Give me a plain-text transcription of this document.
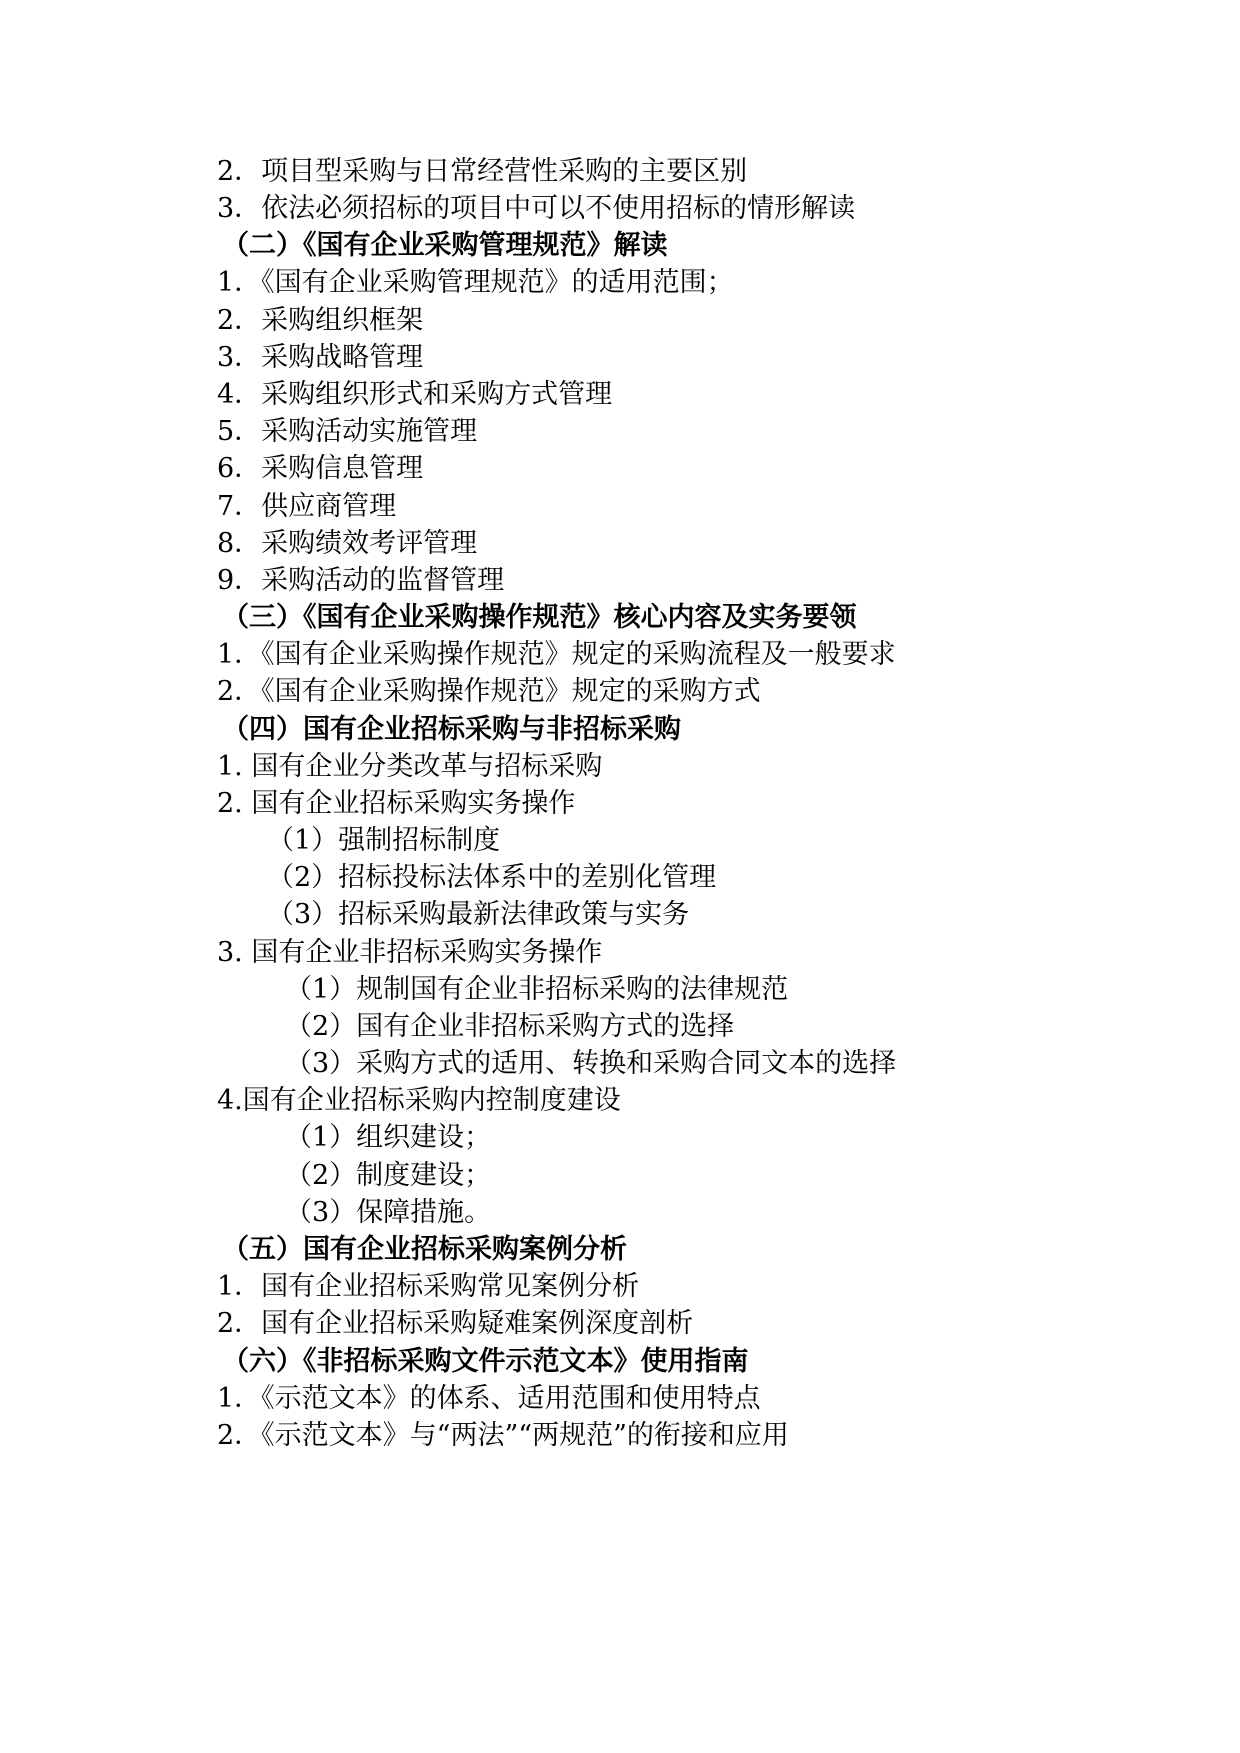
2．项目型采购与日常经营性采购的主要区别
3．依法必须招标的项目中可以不使用招标的情形解读
（二）《国有企业采购管理规范》解读
1．《国有企业采购管理规范》的适用范围；
2．采购组织框架
3．采购战略管理
4．采购组织形式和采购方式管理
5．采购活动实施管理
6．采购信息管理
7．供应商管理
8．采购绩效考评管理
9．采购活动的监督管理
（三）《国有企业采购操作规范》核心内容及实务要领
1．《国有企业采购操作规范》规定的采购流程及一般要求
2．《国有企业采购操作规范》规定的采购方式
（四）国有企业招标采购与非招标采购
1. 国有企业分类改革与招标采购
2. 国有企业招标采购实务操作
（1）强制招标制度
（2）招标投标法体系中的差别化管理
（3）招标采购最新法律政策与实务
3. 国有企业非招标采购实务操作
（1）规制国有企业非招标采购的法律规范
（2）国有企业非招标采购方式的选择
（3）采购方式的适用、转换和采购合同文本的选择
4.国有企业招标采购内控制度建设
（1）组织建设；
（2）制度建设；
（3）保障措施。
（五）国有企业招标采购案例分析
1．国有企业招标采购常见案例分析
2．国有企业招标采购疑难案例深度剖析
（六）《非招标采购文件示范文本》使用指南
1．《示范文本》的体系、适用范围和使用特点
2．《示范文本》与“两法”“两规范”的衔接和应用
